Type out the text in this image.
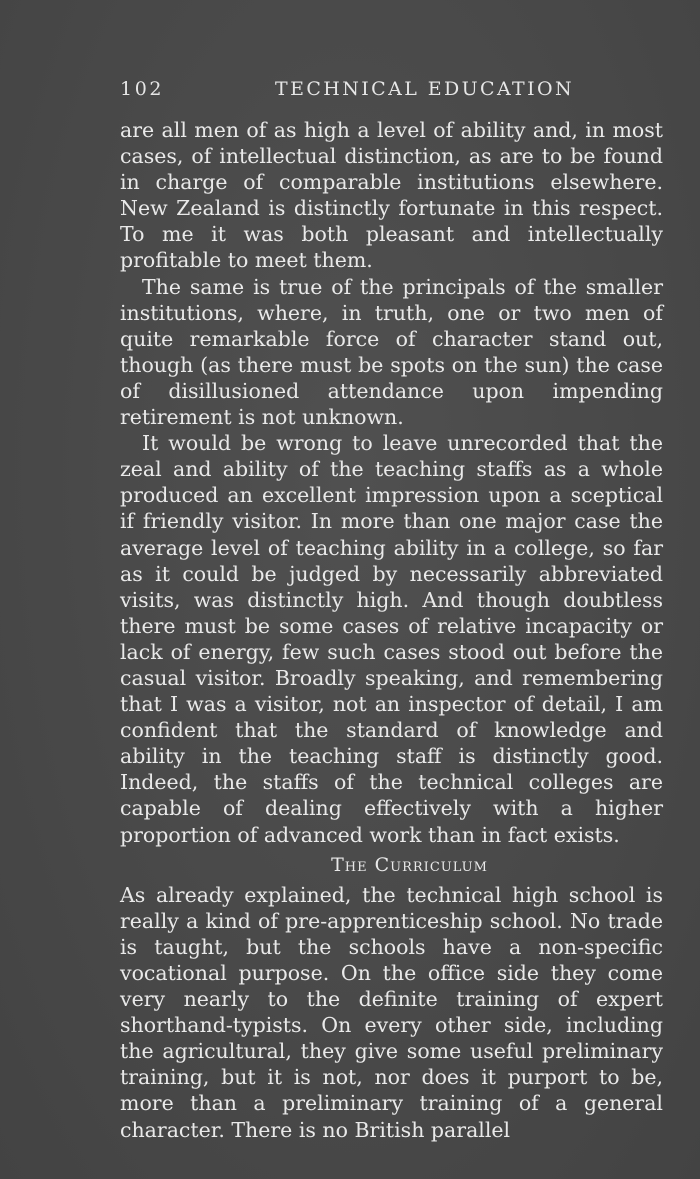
102	TECHNICAL EDUCATION

are all men of as high a level of ability and, in most cases, of intellectual distinction, as are to be found in charge of comparable institutions elsewhere. New Zealand is distinctly fortunate in this respect. To me it was both pleasant and intellectually profitable to meet them.

The same is true of the principals of the smaller institutions, where, in truth, one or two men of quite remarkable force of character stand out, though (as there must be spots on the sun) the case of disillusioned attendance upon impending retirement is not unknown.

It would be wrong to leave unrecorded that the zeal and ability of the teaching staffs as a whole produced an excellent impression upon a sceptical if friendly visitor. In more than one major case the average level of teaching ability in a college, so far as it could be judged by necessarily abbreviated visits, was distinctly high. And though doubtless there must be some cases of relative incapacity or lack of energy, few such cases stood out before the casual visitor. Broadly speaking, and remembering that I was a visitor, not an inspector of detail, I am confident that the standard of knowledge and ability in the teaching staff is distinctly good. Indeed, the staffs of the technical colleges are capable of dealing effectively with a higher proportion of advanced work than in fact exists.

The Curriculum

As already explained, the technical high school is really a kind of pre-apprenticeship school. No trade is taught, but the schools have a non-specific vocational purpose. On the office side they come very nearly to the definite training of expert shorthand-typists. On every other side, including the agricultural, they give some useful preliminary training, but it is not, nor does it purport to be, more than a preliminary training of a general character. There is no British parallel
